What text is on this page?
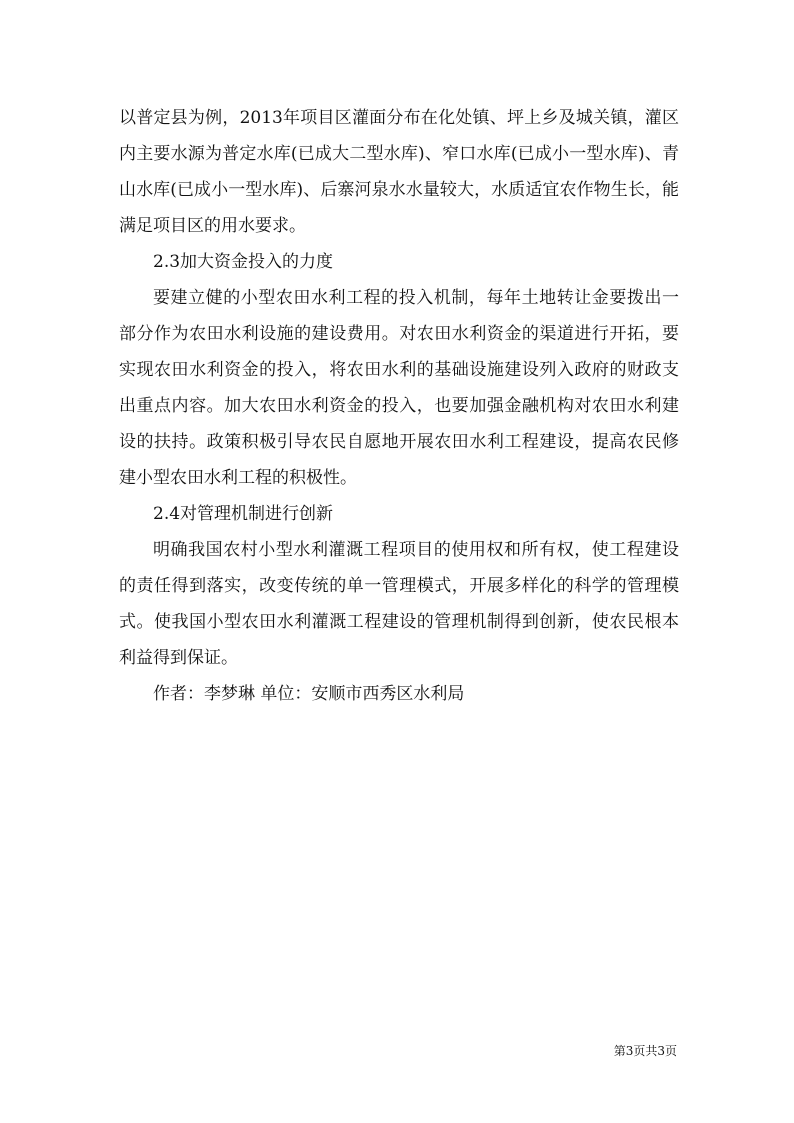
以普定县为例，2013年项目区灌面分布在化处镇、坪上乡及城关镇，灌区内主要水源为普定水库(已成大二型水库)、窄口水库(已成小一型水库)、青山水库(已成小一型水库)、后寨河泉水水量较大，水质适宜农作物生长，能满足项目区的用水要求。

2.3加大资金投入的力度

要建立健的小型农田水利工程的投入机制，每年土地转让金要拨出一部分作为农田水利设施的建设费用。对农田水利资金的渠道进行开拓，要实现农田水利资金的投入，将农田水利的基础设施建设列入政府的财政支出重点内容。加大农田水利资金的投入，也要加强金融机构对农田水利建设的扶持。政策积极引导农民自愿地开展农田水利工程建设，提高农民修建小型农田水利工程的积极性。

2.4对管理机制进行创新

明确我国农村小型水利灌溉工程项目的使用权和所有权，使工程建设的责任得到落实，改变传统的单一管理模式，开展多样化的科学的管理模式。使我国小型农田水利灌溉工程建设的管理机制得到创新，使农民根本利益得到保证。

作者：李梦琳 单位：安顺市西秀区水利局

第3页共3页
